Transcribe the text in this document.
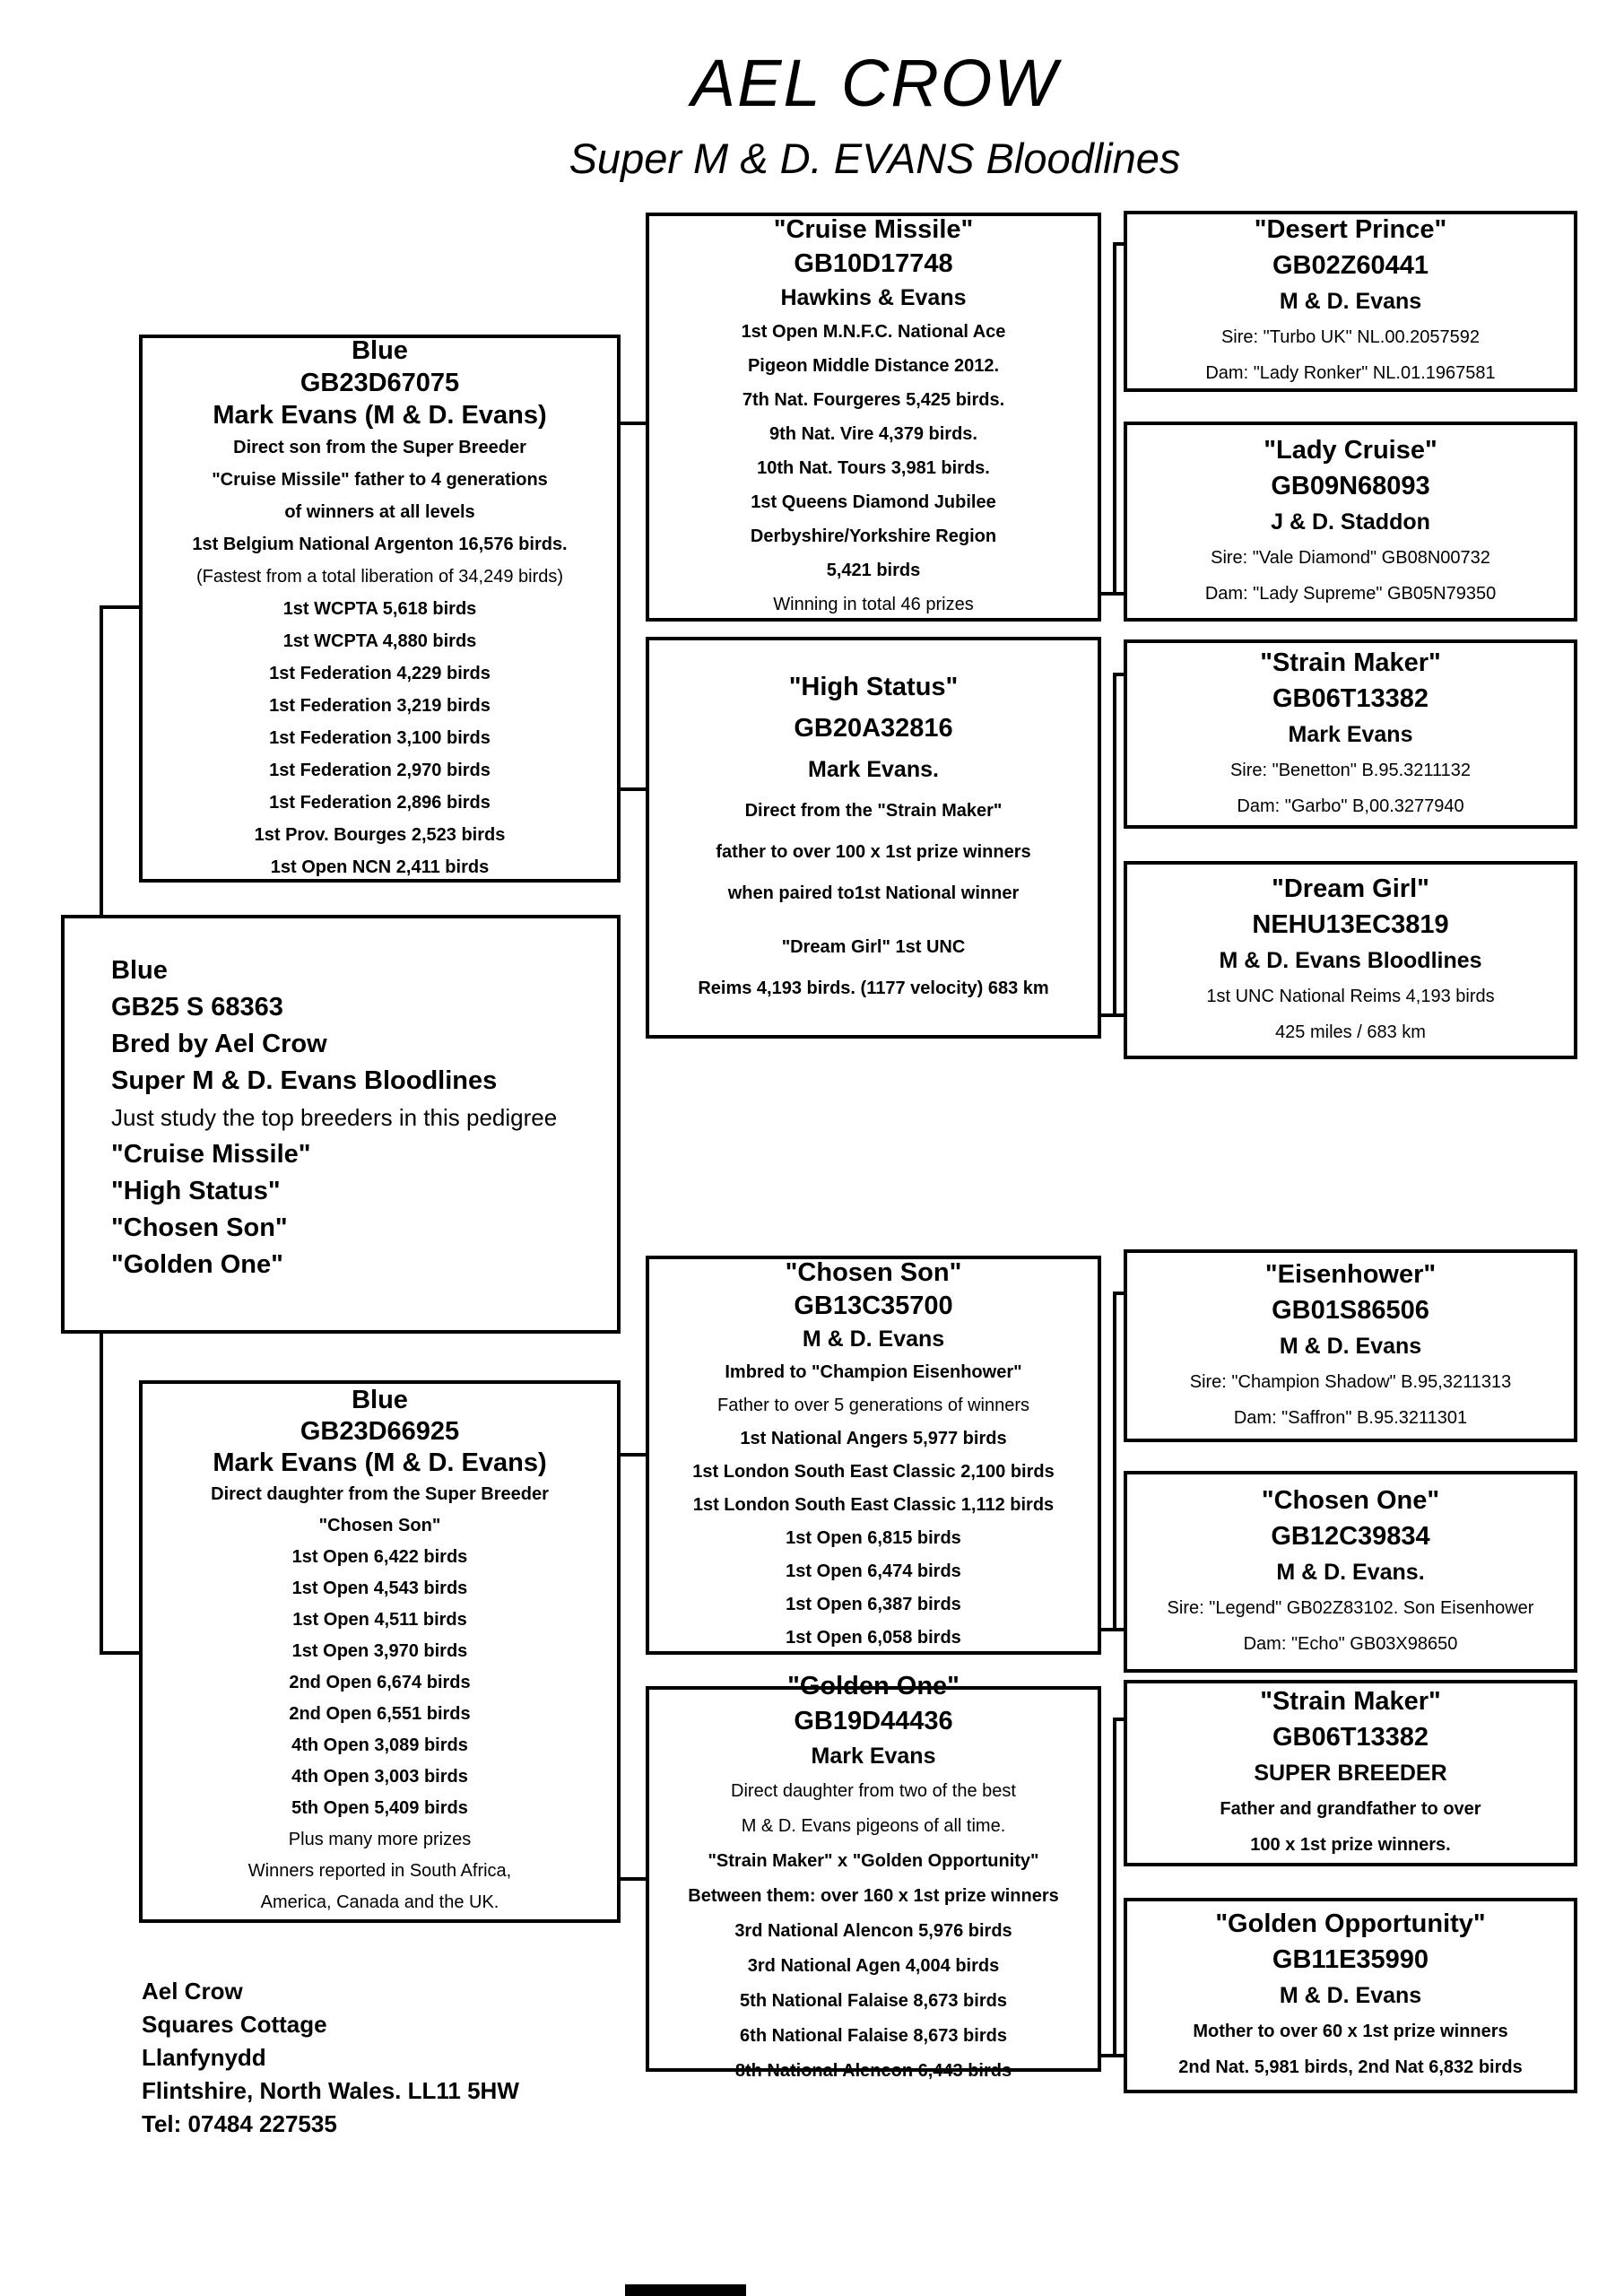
AEL CROW
Super M & D. EVANS Bloodlines
Blue
GB23D67075
Mark Evans (M & D. Evans)
Direct son from the Super Breeder
"Cruise Missile" father to 4 generations
of winners at all levels
1st Belgium National Argenton 16,576 birds.
(Fastest from a total liberation of 34,249 birds)
1st WCPTA 5,618 birds
1st WCPTA 4,880 birds
1st Federation 4,229 birds
1st Federation 3,219 birds
1st Federation 3,100 birds
1st Federation 2,970 birds
1st Federation 2,896 birds
1st Prov. Bourges 2,523 birds
1st Open NCN 2,411 birds
Blue
GB25 S 68363
Bred by Ael Crow
Super M & D. Evans Bloodlines
Just study the top breeders in this pedigree
"Cruise Missile"
"High Status"
"Chosen Son"
"Golden One"
Blue
GB23D66925
Mark Evans (M & D. Evans)
Direct daughter from the Super Breeder
"Chosen Son"
1st Open 6,422 birds
1st Open 4,543 birds
1st Open 4,511 birds
1st Open 3,970 birds
2nd Open 6,674 birds
2nd Open 6,551 birds
4th Open 3,089 birds
4th Open 3,003 birds
5th Open 5,409 birds
Plus many more prizes
Winners reported in South Africa,
America, Canada and the UK.
"Cruise Missile"
GB10D17748
Hawkins & Evans
1st Open M.N.F.C. National Ace
Pigeon Middle Distance 2012.
7th Nat. Fourgeres 5,425 birds.
9th Nat. Vire 4,379 birds.
10th Nat. Tours 3,981 birds.
1st Queens Diamond Jubilee
Derbyshire/Yorkshire Region
5,421 birds
Winning in total 46 prizes
"High Status"
GB20A32816
Mark Evans.
Direct from the "Strain Maker"
father to over 100 x 1st prize winners
when paired to1st National winner
"Dream Girl" 1st UNC
Reims 4,193 birds. (1177 velocity) 683 km
"Chosen Son"
GB13C35700
M & D. Evans
Imbred to "Champion Eisenhower"
Father to over 5 generations of winners
1st National Angers 5,977 birds
1st London South East Classic 2,100 birds
1st London South East Classic 1,112 birds
1st Open 6,815 birds
1st Open 6,474 birds
1st Open 6,387 birds
1st Open 6,058 birds
"Golden One"
GB19D44436
Mark Evans
Direct daughter from two of the best
M & D. Evans pigeons of all time.
"Strain Maker" x "Golden Opportunity"
Between them: over 160 x 1st prize winners
3rd National Alencon 5,976 birds
3rd National Agen 4,004 birds
5th National Falaise 8,673 birds
6th National Falaise 8,673 birds
8th National Alencon 6,443 birds
"Desert Prince"
GB02Z60441
M & D. Evans
Sire: "Turbo UK" NL.00.2057592
Dam: "Lady Ronker" NL.01.1967581
"Lady Cruise"
GB09N68093
J & D. Staddon
Sire: "Vale Diamond" GB08N00732
Dam: "Lady Supreme" GB05N79350
"Strain Maker"
GB06T13382
Mark Evans
Sire: "Benetton" B.95.3211132
Dam: "Garbo" B,00.3277940
"Dream Girl"
NEHU13EC3819
M & D. Evans Bloodlines
1st UNC National Reims 4,193 birds
425 miles / 683 km
"Eisenhower"
GB01S86506
M & D. Evans
Sire: "Champion Shadow" B.95,3211313
Dam: "Saffron" B.95.3211301
"Chosen One"
GB12C39834
M & D. Evans.
Sire: "Legend" GB02Z83102. Son Eisenhower
Dam: "Echo" GB03X98650
"Strain Maker"
GB06T13382
SUPER BREEDER
Father and grandfather to over
100 x 1st prize winners.
"Golden Opportunity"
GB11E35990
M & D. Evans
Mother to over 60 x 1st prize winners
2nd Nat. 5,981 birds, 2nd Nat 6,832 birds
Ael Crow
Squares Cottage
Llanfynydd
Flintshire, North Wales. LL11 5HW
Tel: 07484 227535
